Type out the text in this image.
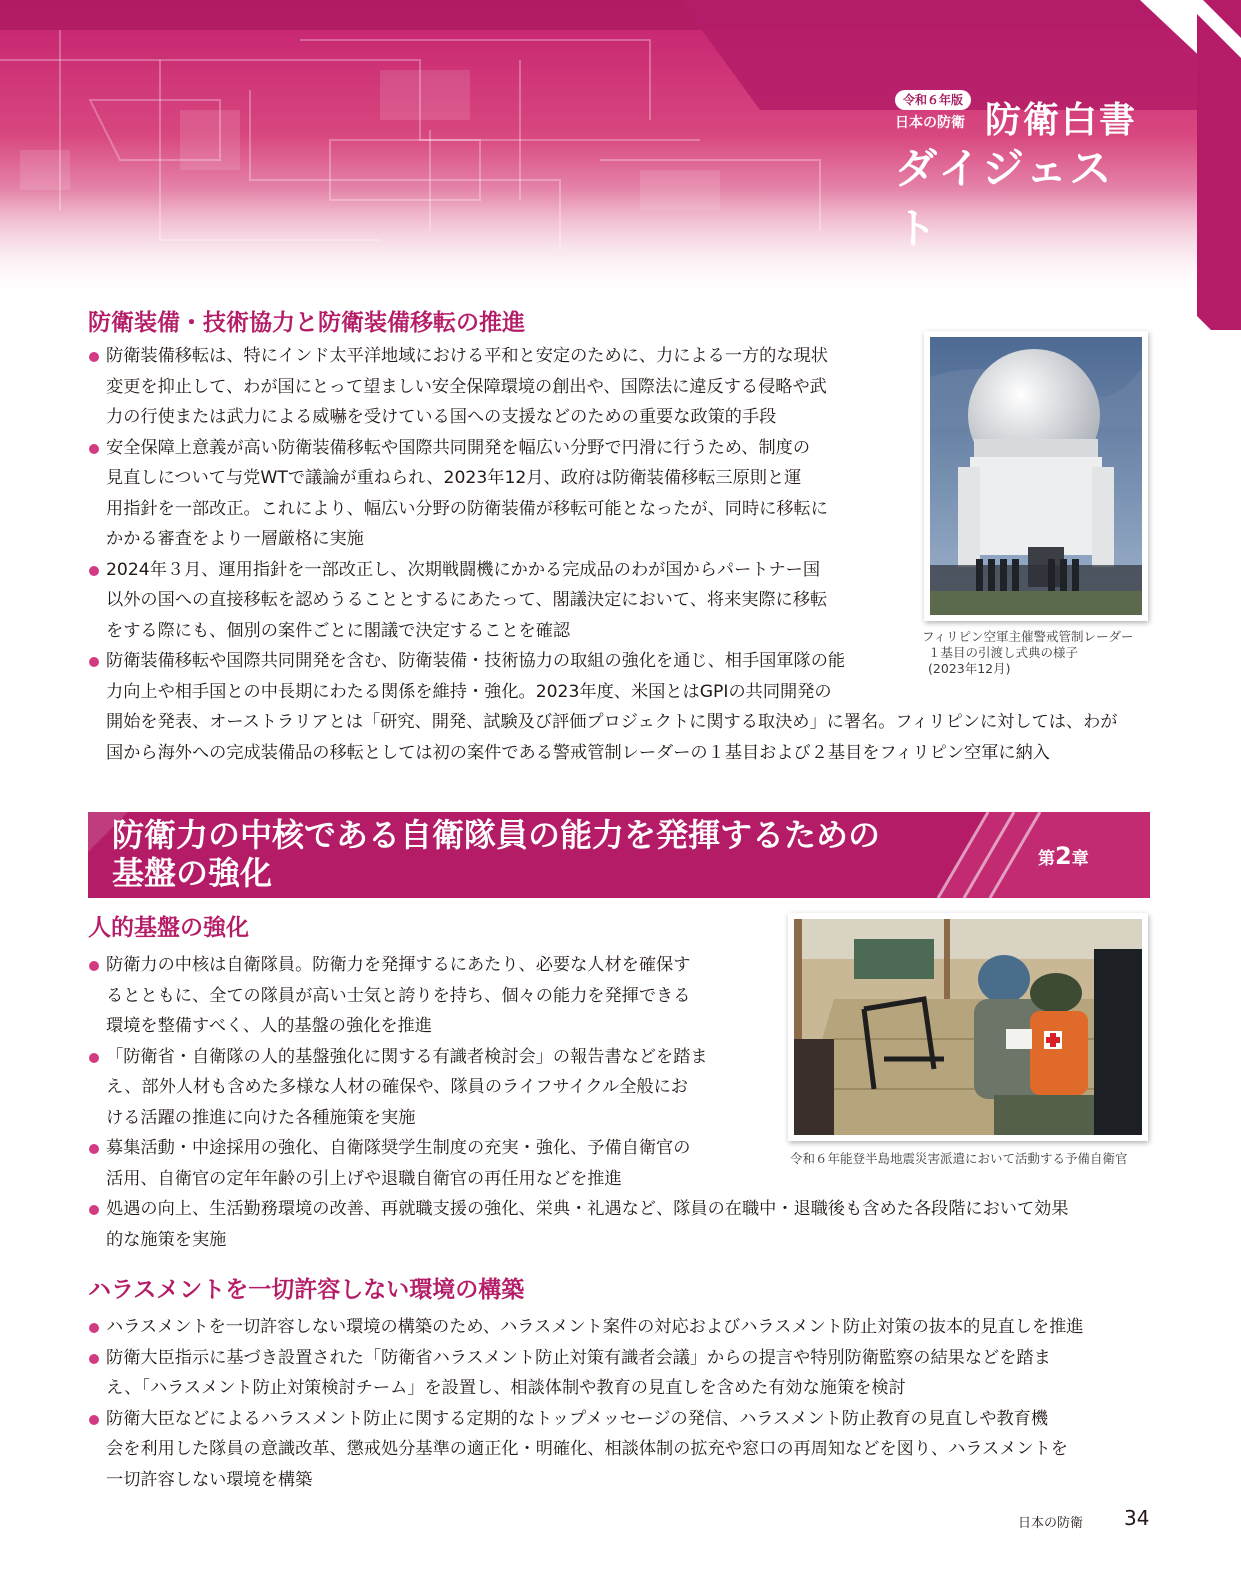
令和６年版
日本の防衛 防衛白書
ダイジェスト
防衛装備・技術協力と防衛装備移転の推進
防衛装備移転は、特にインド太平洋地域における平和と安定のために、力による一方的な現状
変更を抑止して、わが国にとって望ましい安全保障環境の創出や、国際法に違反する侵略や武
力の行使または武力による威嚇を受けている国への支援などのための重要な政策的手段
安全保障上意義が高い防衛装備移転や国際共同開発を幅広い分野で円滑に行うため、制度の
見直しについて与党WTで議論が重ねられ、2023年12月、政府は防衛装備移転三原則と運
用指針を一部改正。これにより、幅広い分野の防衛装備が移転可能となったが、同時に移転に
かかる審査をより一層厳格に実施
2024年３月、運用指針を一部改正し、次期戦闘機にかかる完成品のわが国からパートナー国
以外の国への直接移転を認めうることとするにあたって、閣議決定において、将来実際に移転
をする際にも、個別の案件ごとに閣議で決定することを確認
防衛装備移転や国際共同開発を含む、防衛装備・技術協力の取組の強化を通じ、相手国軍隊の能
力向上や相手国との中長期にわたる関係を維持・強化。2023年度、米国とはGPIの共同開発の
開始を発表、オーストラリアとは「研究、開発、試験及び評価プロジェクトに関する取決め」に署名。フィリピンに対しては、わが
国から海外への完成装備品の移転としては初の案件である警戒管制レーダーの１基目および２基目をフィリピン空軍に納入
フィリピン空軍主催警戒管制レーダー
１基目の引渡し式典の様子
(2023年12月)
防衛力の中核である自衛隊員の能力を発揮するための
基盤の強化	第2章
人的基盤の強化
防衛力の中核は自衛隊員。防衛力を発揮するにあたり、必要な人材を確保す
るとともに、全ての隊員が高い士気と誇りを持ち、個々の能力を発揮できる
環境を整備すべく、人的基盤の強化を推進
「防衛省・自衛隊の人的基盤強化に関する有識者検討会」の報告書などを踏ま
え、部外人材も含めた多様な人材の確保や、隊員のライフサイクル全般にお
ける活躍の推進に向けた各種施策を実施
募集活動・中途採用の強化、自衛隊奨学生制度の充実・強化、予備自衛官の
活用、自衛官の定年年齢の引上げや退職自衛官の再任用などを推進
処遇の向上、生活勤務環境の改善、再就職支援の強化、栄典・礼遇など、隊員の在職中・退職後も含めた各段階において効果
的な施策を実施
令和６年能登半島地震災害派遣において活動する予備自衛官
ハラスメントを一切許容しない環境の構築
ハラスメントを一切許容しない環境の構築のため、ハラスメント案件の対応およびハラスメント防止対策の抜本的見直しを推進
防衛大臣指示に基づき設置された「防衛省ハラスメント防止対策有識者会議」からの提言や特別防衛監察の結果などを踏ま
え、「ハラスメント防止対策検討チーム」を設置し、相談体制や教育の見直しを含めた有効な施策を検討
防衛大臣などによるハラスメント防止に関する定期的なトップメッセージの発信、ハラスメント防止教育の見直しや教育機
会を利用した隊員の意識改革、懲戒処分基準の適正化・明確化、相談体制の拡充や窓口の再周知などを図り、ハラスメントを
一切許容しない環境を構築
日本の防衛 34
